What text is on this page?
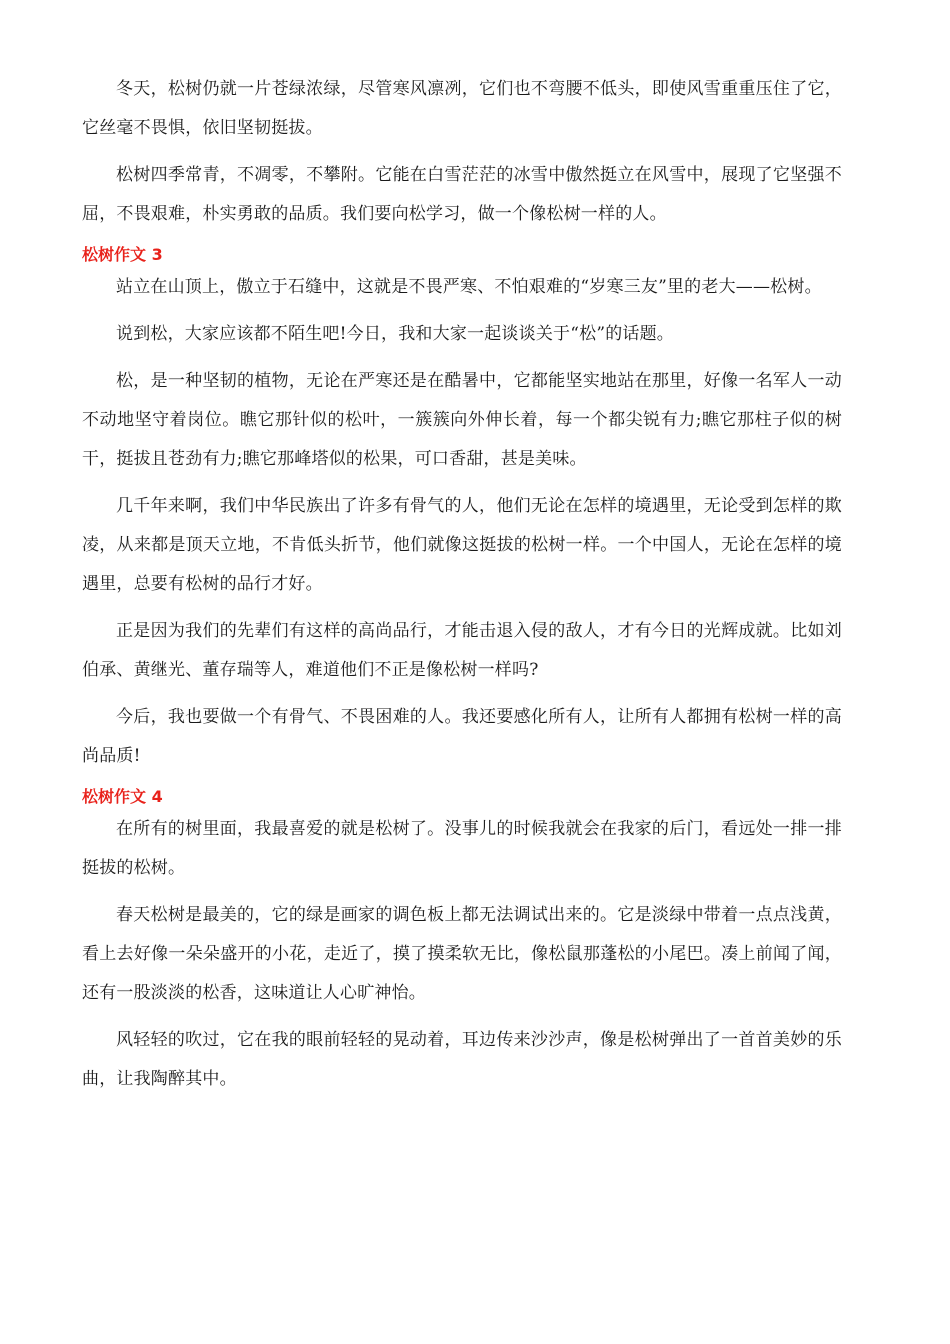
冬天，松树仍就一片苍绿浓绿，尽管寒风凛冽，它们也不弯腰不低头，即使风雪重重压住了它，它丝毫不畏惧，依旧坚韧挺拔。

松树四季常青，不凋零，不攀附。它能在白雪茫茫的冰雪中傲然挺立在风雪中，展现了它坚强不屈，不畏艰难，朴实勇敢的品质。我们要向松学习，做一个像松树一样的人。

松树作文 3

站立在山顶上，傲立于石缝中，这就是不畏严寒、不怕艰难的“岁寒三友”里的老大——松树。

说到松，大家应该都不陌生吧!今日，我和大家一起谈谈关于“松”的话题。

松，是一种坚韧的植物，无论在严寒还是在酷暑中，它都能坚实地站在那里，好像一名军人一动不动地坚守着岗位。瞧它那针似的松叶，一簇簇向外伸长着，每一个都尖锐有力;瞧它那柱子似的树干，挺拔且苍劲有力;瞧它那峰塔似的松果，可口香甜，甚是美味。

几千年来啊，我们中华民族出了许多有骨气的人，他们无论在怎样的境遇里，无论受到怎样的欺凌，从来都是顶天立地，不肯低头折节，他们就像这挺拔的松树一样。一个中国人，无论在怎样的境遇里，总要有松树的品行才好。

正是因为我们的先辈们有这样的高尚品行，才能击退入侵的敌人，才有今日的光辉成就。比如刘伯承、黄继光、董存瑞等人，难道他们不正是像松树一样吗?

今后，我也要做一个有骨气、不畏困难的人。我还要感化所有人，让所有人都拥有松树一样的高尚品质!

松树作文 4

在所有的树里面，我最喜爱的就是松树了。没事儿的时候我就会在我家的后门，看远处一排一排挺拔的松树。

春天松树是最美的，它的绿是画家的调色板上都无法调试出来的。它是淡绿中带着一点点浅黄，看上去好像一朵朵盛开的小花，走近了，摸了摸柔软无比，像松鼠那蓬松的小尾巴。凑上前闻了闻，还有一股淡淡的松香，这味道让人心旷神怡。

风轻轻的吹过，它在我的眼前轻轻的晃动着，耳边传来沙沙声，像是松树弹出了一首首美妙的乐曲，让我陶醉其中。
